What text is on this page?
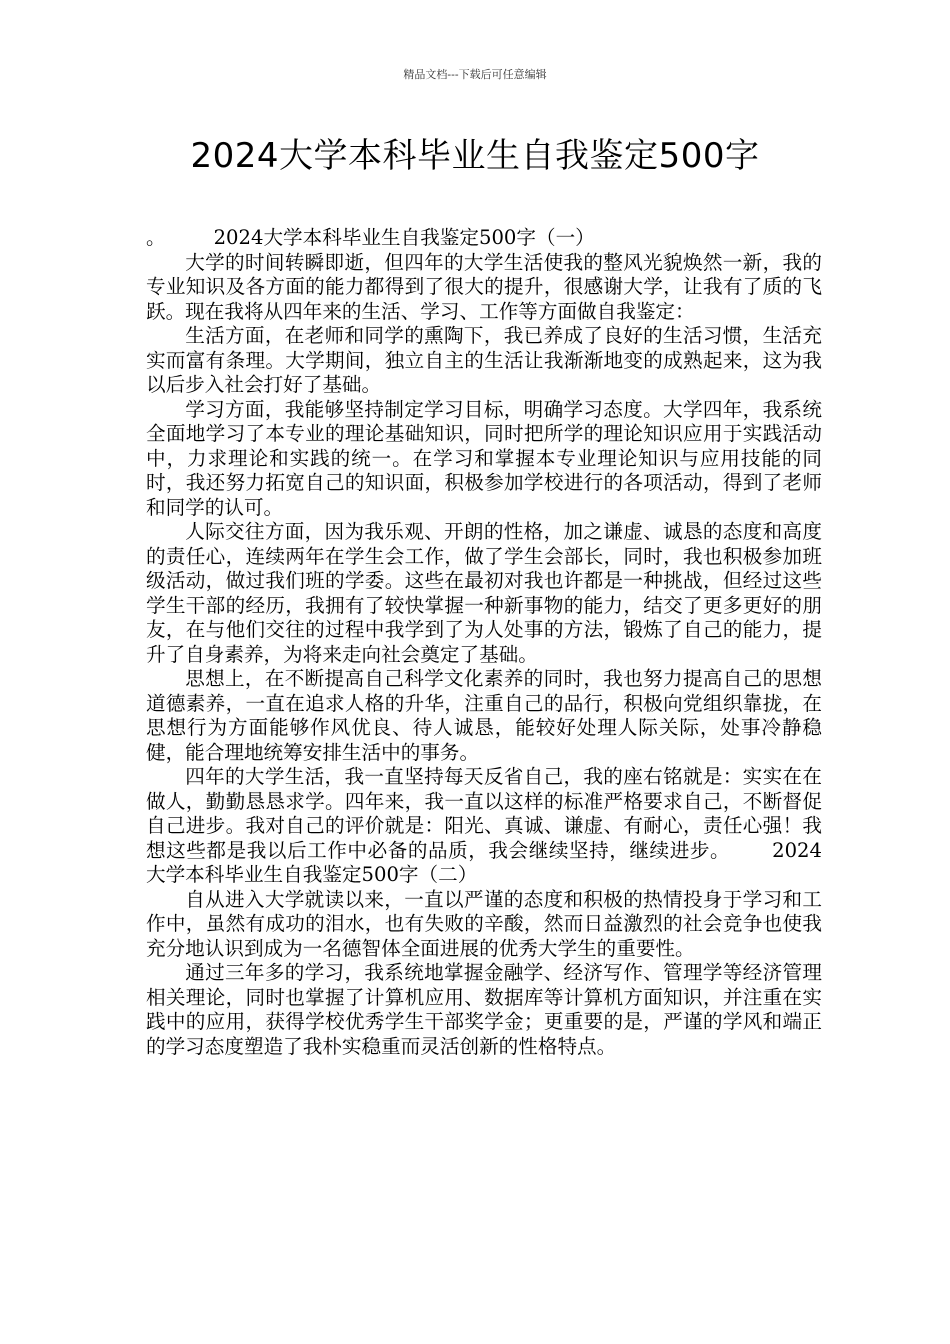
精品文档---下载后可任意编辑
2024大学本科毕业生自我鉴定500字

。 2024大学本科毕业生自我鉴定500字（一）

大学的时间转瞬即逝，但四年的大学生活使我的整风光貌焕然一新，我的专业知识及各方面的能力都得到了很大的提升，很感谢大学，让我有了质的飞跃。现在我将从四年来的生活、学习、工作等方面做自我鉴定：

生活方面，在老师和同学的熏陶下，我已养成了良好的生活习惯，生活充实而富有条理。大学期间，独立自主的生活让我渐渐地变的成熟起来，这为我以后步入社会打好了基础。

学习方面，我能够坚持制定学习目标，明确学习态度。大学四年，我系统全面地学习了本专业的理论基础知识，同时把所学的理论知识应用于实践活动中，力求理论和实践的统一。在学习和掌握本专业理论知识与应用技能的同时，我还努力拓宽自己的知识面，积极参加学校进行的各项活动，得到了老师和同学的认可。

人际交往方面，因为我乐观、开朗的性格，加之谦虚、诚恳的态度和高度的责任心，连续两年在学生会工作，做了学生会部长，同时，我也积极参加班级活动，做过我们班的学委。这些在最初对我也许都是一种挑战，但经过这些学生干部的经历，我拥有了较快掌握一种新事物的能力，结交了更多更好的朋友，在与他们交往的过程中我学到了为人处事的方法，锻炼了自己的能力，提升了自身素养，为将来走向社会奠定了基础。

思想上，在不断提高自己科学文化素养的同时，我也努力提高自己的思想道德素养，一直在追求人格的升华，注重自己的品行，积极向党组织靠拢，在思想行为方面能够作风优良、待人诚恳，能较好处理人际关际，处事冷静稳健，能合理地统筹安排生活中的事务。

四年的大学生活，我一直坚持每天反省自己，我的座右铭就是：实实在在做人，勤勤恳恳求学。四年来，我一直以这样的标准严格要求自己，不断督促自己进步。我对自己的评价就是：阳光、真诚、谦虚、有耐心，责任心强！我想这些都是我以后工作中必备的品质，我会继续坚持，继续进步。 2024大学本科毕业生自我鉴定500字（二）

自从进入大学就读以来，一直以严谨的态度和积极的热情投身于学习和工作中，虽然有成功的泪水，也有失败的辛酸，然而日益激烈的社会竞争也使我充分地认识到成为一名德智体全面进展的优秀大学生的重要性。

通过三年多的学习，我系统地掌握金融学、经济写作、管理学等经济管理相关理论，同时也掌握了计算机应用、数据库等计算机方面知识，并注重在实践中的应用，获得学校优秀学生干部奖学金；更重要的是，严谨的学风和端正的学习态度塑造了我朴实稳重而灵活创新的性格特点。
